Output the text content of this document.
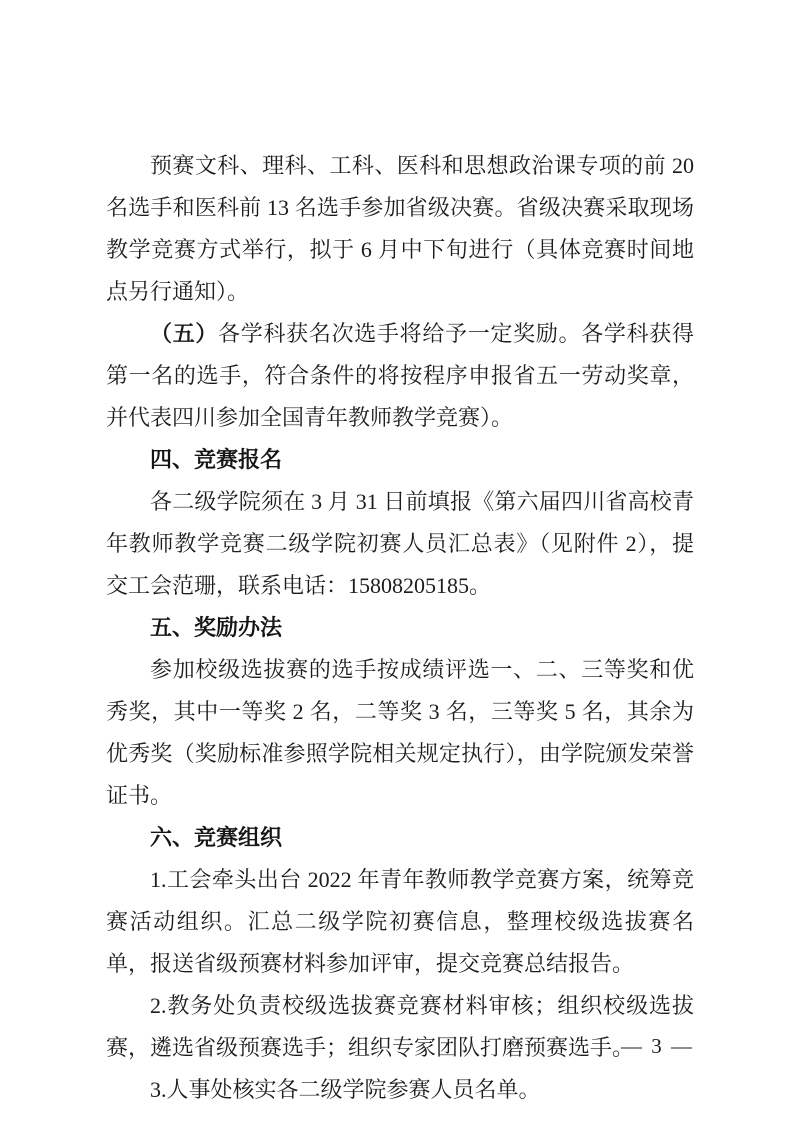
预赛文科、理科、工科、医科和思想政治课专项的前 20 名选手和医科前 13 名选手参加省级决赛。省级决赛采取现场教学竞赛方式举行，拟于 6 月中下旬进行（具体竞赛时间地点另行通知）。

（五）各学科获名次选手将给予一定奖励。各学科获得第一名的选手，符合条件的将按程序申报省五一劳动奖章，并代表四川参加全国青年教师教学竞赛）。

四、竞赛报名

各二级学院须在 3 月 31 日前填报《第六届四川省高校青年教师教学竞赛二级学院初赛人员汇总表》（见附件 2），提交工会范珊，联系电话：15808205185。

五、奖励办法

参加校级选拔赛的选手按成绩评选一、二、三等奖和优秀奖，其中一等奖 2 名，二等奖 3 名，三等奖 5 名，其余为优秀奖（奖励标准参照学院相关规定执行），由学院颁发荣誉证书。

六、竞赛组织

1.工会牵头出台 2022 年青年教师教学竞赛方案，统筹竞赛活动组织。汇总二级学院初赛信息，整理校级选拔赛名单，报送省级预赛材料参加评审，提交竞赛总结报告。

2.教务处负责校级选拔赛竞赛材料审核；组织校级选拔赛，遴选省级预赛选手；组织专家团队打磨预赛选手。

3.人事处核实各二级学院参赛人员名单。

— 3 —
